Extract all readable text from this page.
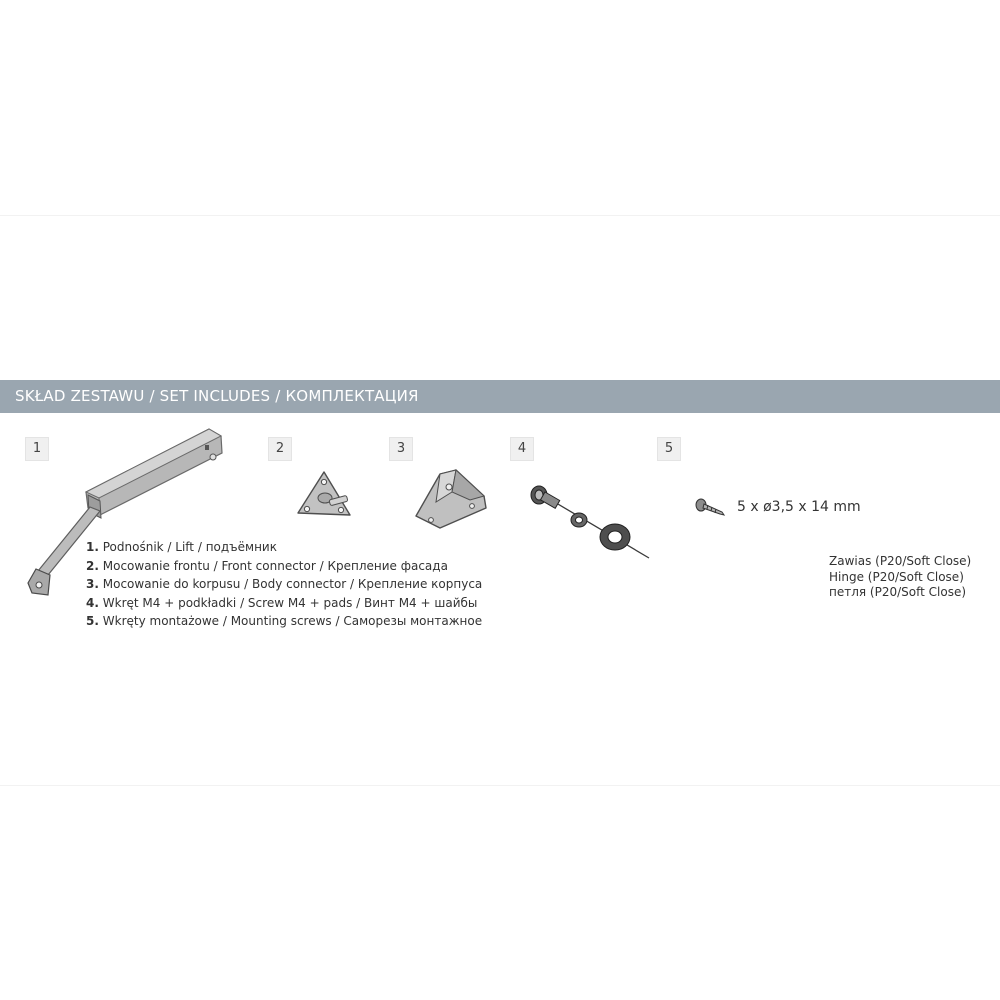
SKŁAD ZESTAWU / SET INCLUDES / КОМПЛЕКТАЦИЯ
1	2	3	4	5
1. Podnośnik / Lift / подъёмник
2. Mocowanie frontu / Front connector / Крепление фасада
3. Mocowanie do korpusu / Body connector / Крепление корпуса
4. Wkręt M4 + podkładki / Screw M4 + pads / Винт M4 + шайбы
5. Wkręty montażowe / Mounting screws / Саморезы монтажное
5 x ø3,5 x 14 mm
Zawias (P20/Soft Close)
Hinge (P20/Soft Close)
петля (P20/Soft Close)
